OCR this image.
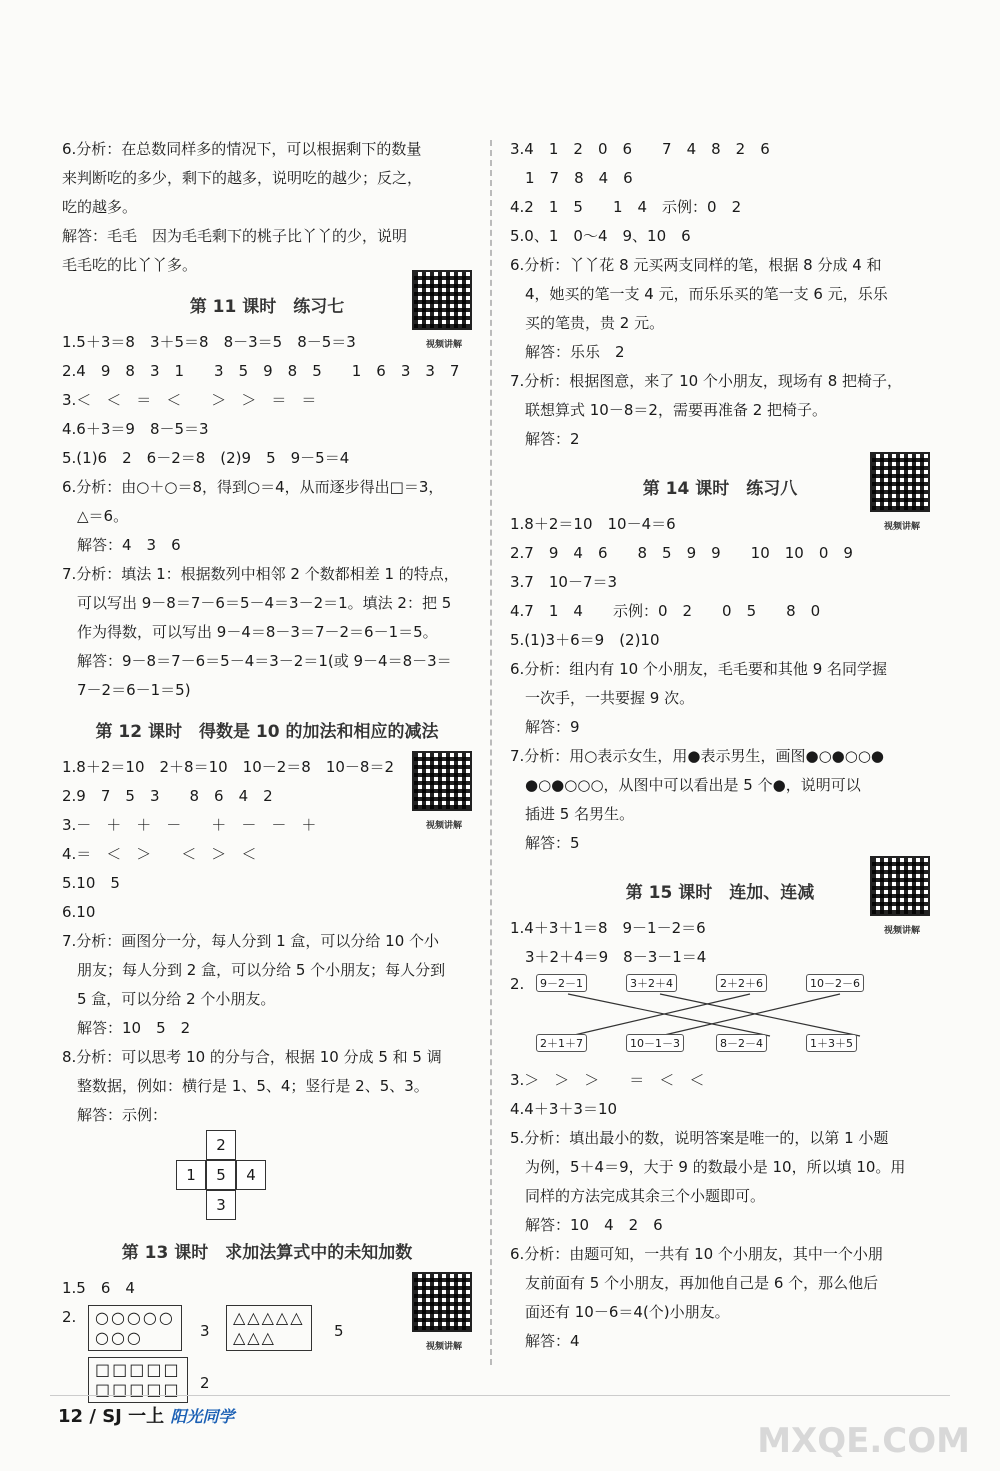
6.分析：在总数同样多的情况下，可以根据剩下的数量
来判断吃的多少，剩下的越多，说明吃的越少；反之，
吃的越多。
解答：毛毛　因为毛毛剩下的桃子比丫丫的少，说明
毛毛吃的比丫丫多。
第 11 课时　练习七
视频讲解
1.5＋3＝8　3＋5＝8　8－3＝5　8－5＝3
2.4　9　8　3　1　　3　5　9　8　5　　1　6　3　3　7
3.＜　＜　＝　＜　　＞　＞　＝　＝
4.6＋3＝9　8－5＝3
5.(1)6　2　6－2＝8　(2)9　5　9－5＝4
6.分析：由○＋○＝8，得到○＝4，从而逐步得出□＝3，
　△＝6。
　解答：4　3　6
7.分析：填法 1：根据数列中相邻 2 个数都相差 1 的特点，
　可以写出 9－8＝7－6＝5－4＝3－2＝1。填法 2：把 5
　作为得数，可以写出 9－4＝8－3＝7－2＝6－1＝5。
　解答：9－8＝7－6＝5－4＝3－2＝1(或 9－4＝8－3＝
　7－2＝6－1＝5)
第 12 课时　得数是 10 的加法和相应的减法
视频讲解
1.8＋2＝10　2＋8＝10　10－2＝8　10－8＝2
2.9　7　5　3　　8　6　4　2
3.－　＋　＋　－　　＋　－　－　＋
4.＝　＜　＞　　＜　＞　＜
5.10　5
6.10
7.分析：画图分一分，每人分到 1 盒，可以分给 10 个小
　朋友；每人分到 2 盒，可以分给 5 个小朋友；每人分到
　5 盒，可以分给 2 个小朋友。
　解答：10　5　2
8.分析：可以思考 10 的分与合，根据 10 分成 5 和 5 调
　整数据，例如：横行是 1、5、4；竖行是 2、5、3。
　解答：示例：
2
1	5	4
3
第 13 课时　求加法算式中的未知加数
视频讲解
1.5　6　4
2.	○○○○○
○○○	3
△△△△△
△△△	5
□□□□□
□□□□□	2
3.4　1　2　0　6　　7　4　8　2　6
　1　7　8　4　6
4.2　1　5　　1　4　示例：0　2
5.0、1　0～4　9、10　6
6.分析：丫丫花 8 元买两支同样的笔，根据 8 分成 4 和
　4，她买的笔一支 4 元，而乐乐买的笔一支 6 元，乐乐
　买的笔贵，贵 2 元。
　解答：乐乐　2
7.分析：根据图意，来了 10 个小朋友，现场有 8 把椅子，
　联想算式 10－8＝2，需要再准备 2 把椅子。
　解答：2
第 14 课时　练习八
视频讲解
1.8＋2＝10　10－4＝6
2.7　9　4　6　　8　5　9　9　　10　10　0　9
3.7　10－7＝3
4.7　1　4　　示例：0　2　　0　5　　8　0
5.(1)3＋6＝9　(2)10
6.分析：组内有 10 个小朋友，毛毛要和其他 9 名同学握
　一次手，一共要握 9 次。
　解答：9
7.分析：用○表示女生，用●表示男生，画图●○●○○●
　●○●○○○，从图中可以看出是 5 个●，说明可以
　插进 5 名男生。
　解答：5
第 15 课时　连加、连减
视频讲解
1.4＋3＋1＝8　9－1－2＝6
　3＋2＋4＝9　8－3－1＝4
2.	9－2－1	3＋2＋4	2＋2＋6	10－2－6
2＋1＋7	10－1－3	8－2－4	1＋3＋5
3.＞　＞　＞　　＝　＜　＜
4.4＋3＋3＝10
5.分析：填出最小的数，说明答案是唯一的，以第 1 小题
　为例，5＋4＝9，大于 9 的数最小是 10，所以填 10。用
　同样的方法完成其余三个小题即可。
　解答：10　4　2　6
6.分析：由题可知，一共有 10 个小朋友，其中一个小朋
　友前面有 5 个小朋友，再加他自己是 6 个，那么他后
　面还有 10－6＝4(个)小朋友。
　解答：4
12 / SJ 一上 阳光同学
MXQE.COM
